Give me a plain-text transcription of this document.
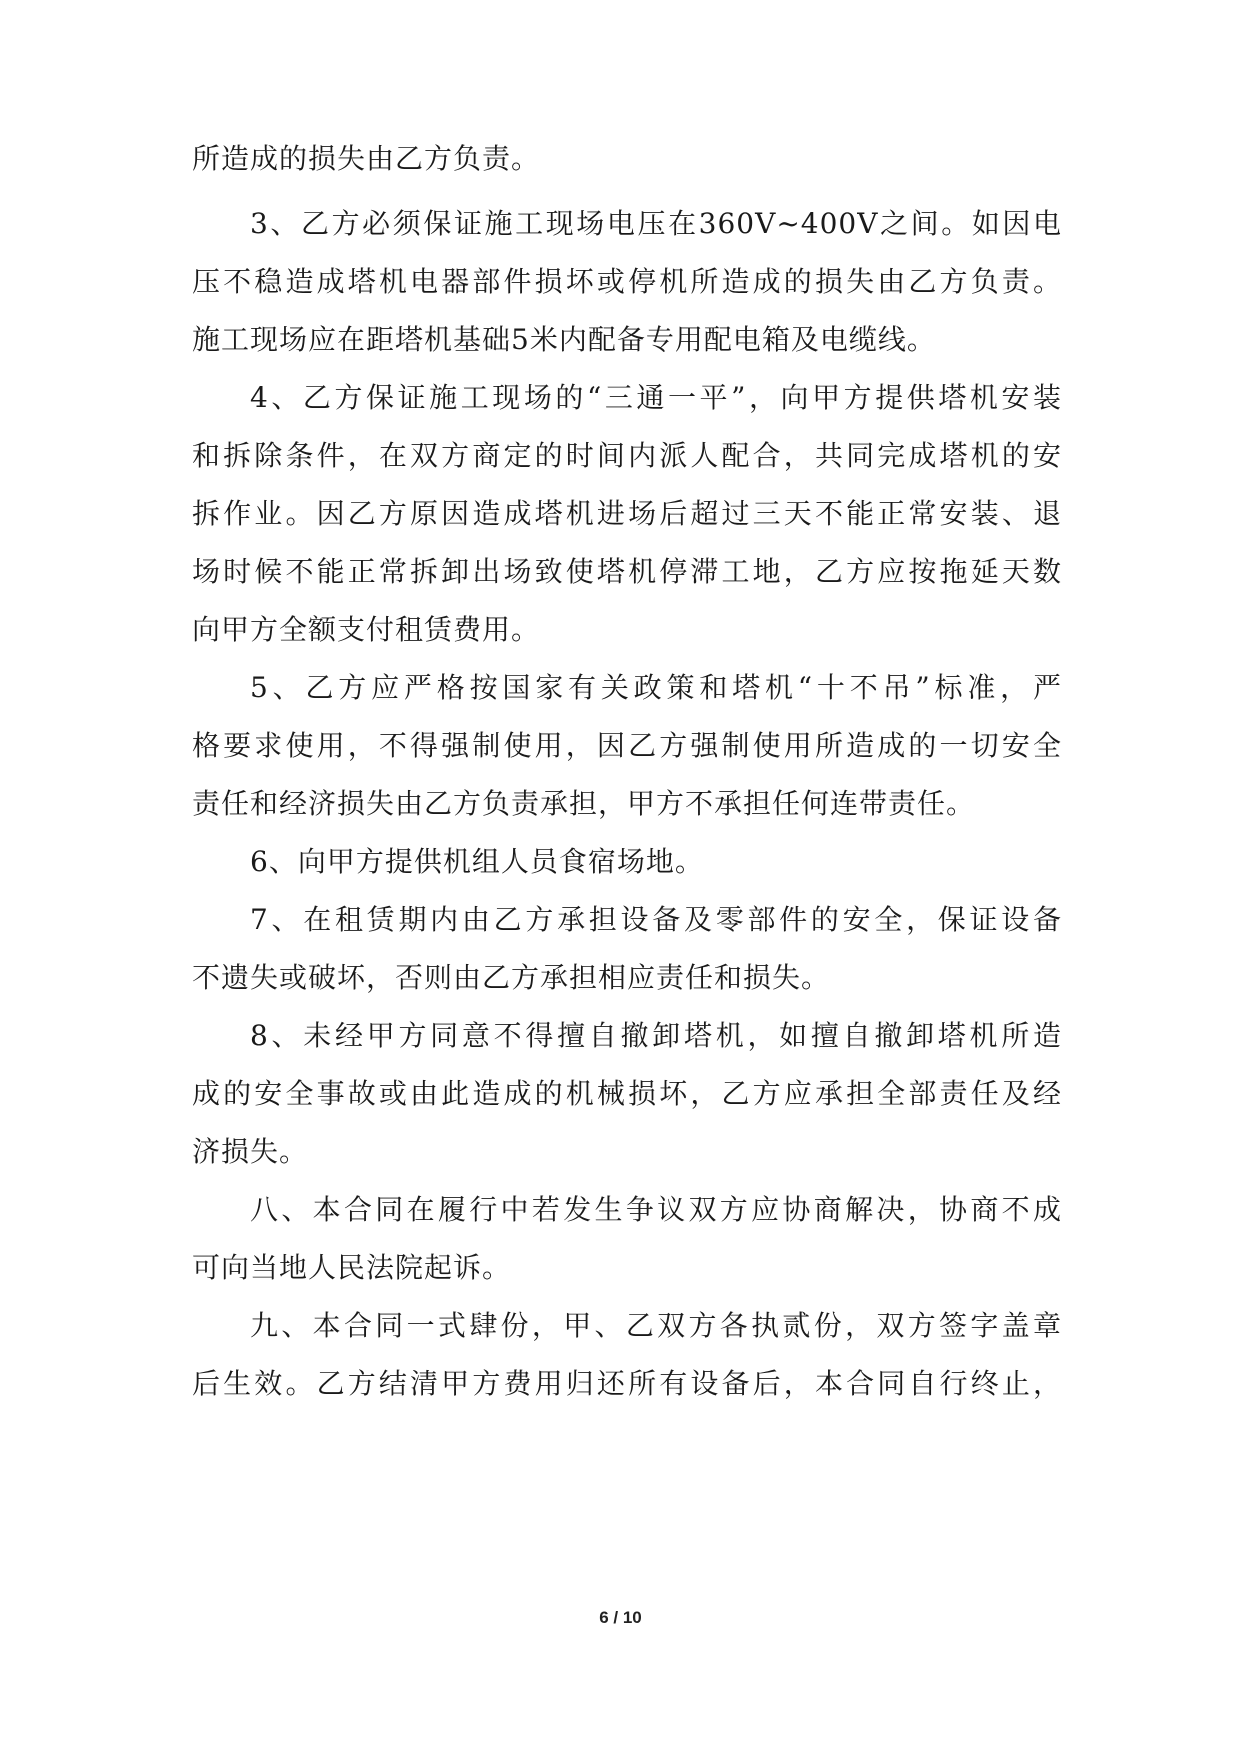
所造成的损失由乙方负责。
3、乙方必须保证施工现场电压在360V~400V之间。如因电
压不稳造成塔机电器部件损坏或停机所造成的损失由乙方负责。
施工现场应在距塔机基础5米内配备专用配电箱及电缆线。
4、乙方保证施工现场的“三通一平”，向甲方提供塔机安装
和拆除条件，在双方商定的时间内派人配合，共同完成塔机的安
拆作业。因乙方原因造成塔机进场后超过三天不能正常安装、退
场时候不能正常拆卸出场致使塔机停滞工地，乙方应按拖延天数
向甲方全额支付租赁费用。
5、乙方应严格按国家有关政策和塔机“十不吊”标准，严
格要求使用，不得强制使用，因乙方强制使用所造成的一切安全
责任和经济损失由乙方负责承担，甲方不承担任何连带责任。
6、向甲方提供机组人员食宿场地。
7、在租赁期内由乙方承担设备及零部件的安全，保证设备
不遗失或破坏，否则由乙方承担相应责任和损失。
8、未经甲方同意不得擅自撤卸塔机，如擅自撤卸塔机所造
成的安全事故或由此造成的机械损坏，乙方应承担全部责任及经
济损失。
八、本合同在履行中若发生争议双方应协商解决，协商不成
可向当地人民法院起诉。
九、本合同一式肆份，甲、乙双方各执贰份，双方签字盖章
后生效。乙方结清甲方费用归还所有设备后，本合同自行终止，
6 / 10
